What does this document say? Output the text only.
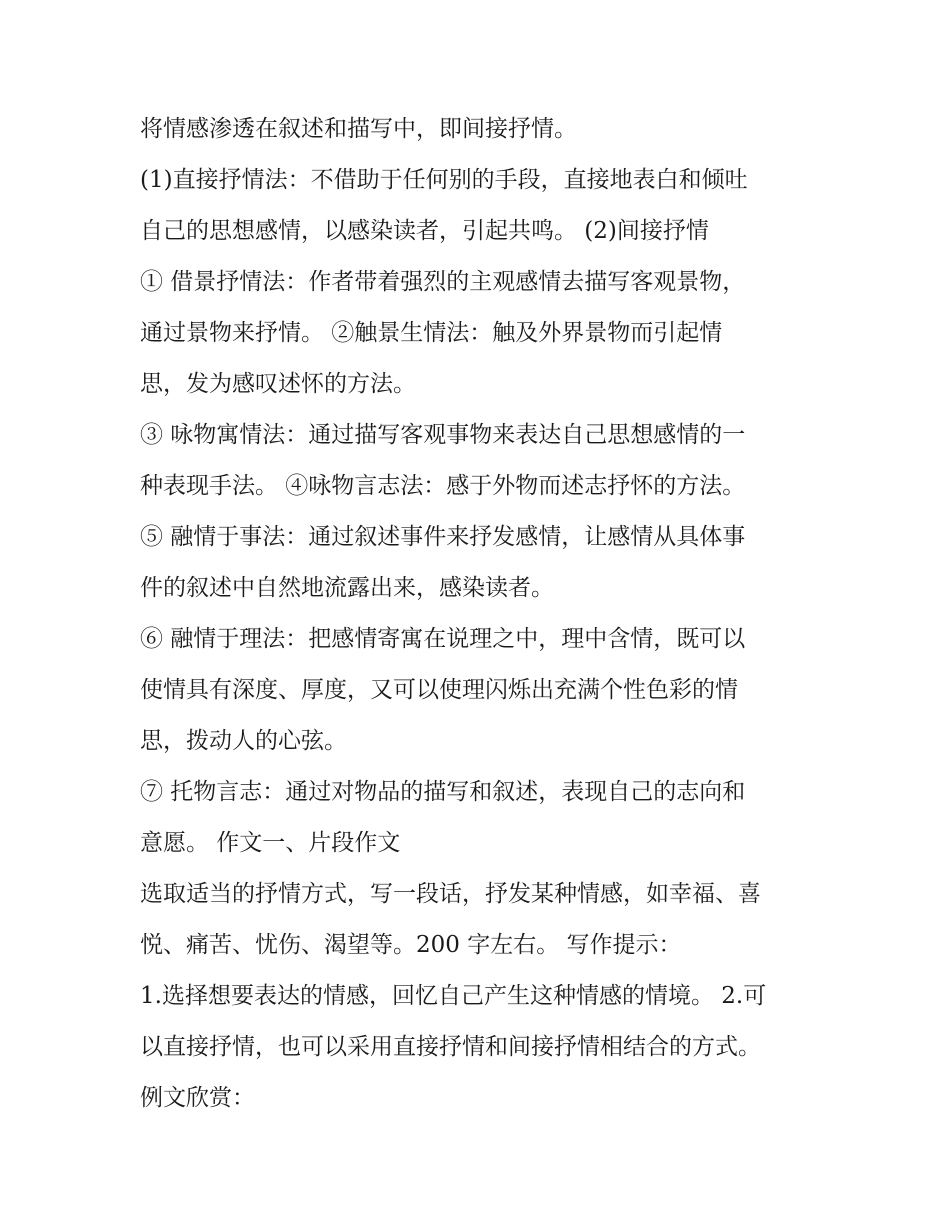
将情感渗透在叙述和描写中，即间接抒情。
(1)直接抒情法：不借助于任何别的手段，直接地表白和倾吐
自己的思想感情，以感染读者，引起共鸣。 (2)间接抒情
① 借景抒情法：作者带着强烈的主观感情去描写客观景物，
通过景物来抒情。 ②触景生情法：触及外界景物而引起情
思，发为感叹述怀的方法。
③ 咏物寓情法：通过描写客观事物来表达自己思想感情的一
种表现手法。 ④咏物言志法：感于外物而述志抒怀的方法。
⑤ 融情于事法：通过叙述事件来抒发感情，让感情从具体事
件的叙述中自然地流露出来，感染读者。
⑥ 融情于理法：把感情寄寓在说理之中，理中含情，既可以
使情具有深度、厚度，又可以使理闪烁出充满个性色彩的情
思，拨动人的心弦。
⑦ 托物言志：通过对物品的描写和叙述，表现自己的志向和
意愿。 作文一、片段作文
选取适当的抒情方式，写一段话，抒发某种情感，如幸福、喜
悦、痛苦、忧伤、渴望等。200 字左右。 写作提示：
1.选择想要表达的情感，回忆自己产生这种情感的情境。 2.可
以直接抒情，也可以采用直接抒情和间接抒情相结合的方式。
例文欣赏：
